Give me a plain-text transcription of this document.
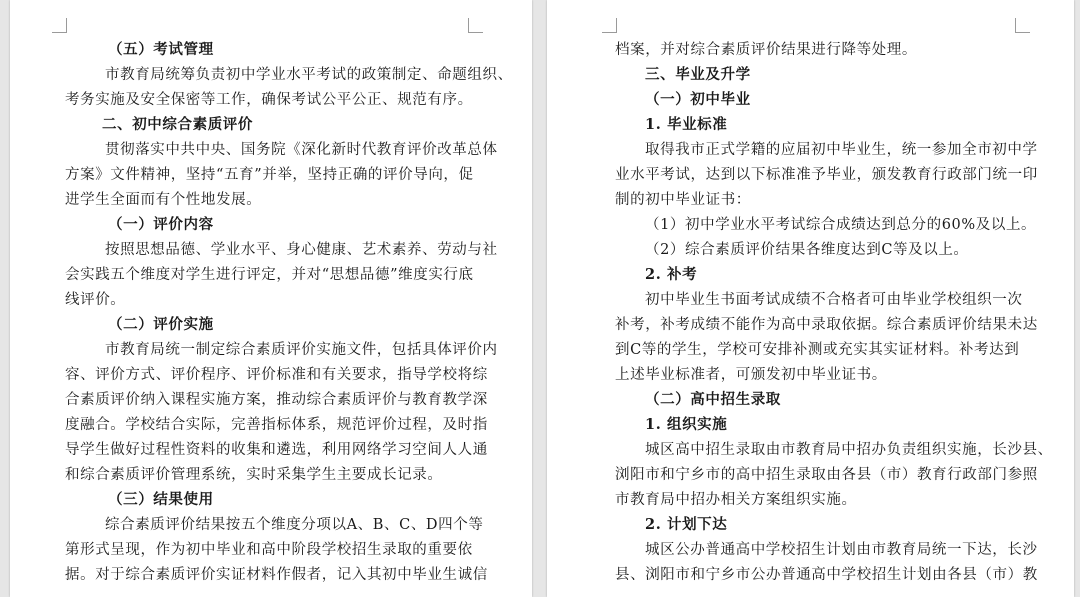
（五）考试管理
市教育局统筹负责初中学业水平考试的政策制定、命题组织、
考务实施及安全保密等工作，确保考试公平公正、规范有序。
二、初中综合素质评价
贯彻落实中共中央、国务院《深化新时代教育评价改革总体
方案》文件精神，坚持“五育”并举，坚持正确的评价导向，促
进学生全面而有个性地发展。
（一）评价内容
按照思想品德、学业水平、身心健康、艺术素养、劳动与社
会实践五个维度对学生进行评定，并对“思想品德”维度实行底
线评价。
（二）评价实施
市教育局统一制定综合素质评价实施文件，包括具体评价内
容、评价方式、评价程序、评价标准和有关要求，指导学校将综
合素质评价纳入课程实施方案，推动综合素质评价与教育教学深
度融合。学校结合实际，完善指标体系，规范评价过程，及时指
导学生做好过程性资料的收集和遴选，利用网络学习空间人人通
和综合素质评价管理系统，实时采集学生主要成长记录。
（三）结果使用
综合素质评价结果按五个维度分项以A、B、C、D四个等
第形式呈现，作为初中毕业和高中阶段学校招生录取的重要依
据。对于综合素质评价实证材料作假者，记入其初中毕业生诚信
档案，并对综合素质评价结果进行降等处理。
三、毕业及升学
（一）初中毕业
1. 毕业标准
取得我市正式学籍的应届初中毕业生，统一参加全市初中学
业水平考试，达到以下标准准予毕业，颁发教育行政部门统一印
制的初中毕业证书：
（1）初中学业水平考试综合成绩达到总分的60%及以上。
（2）综合素质评价结果各维度达到C等及以上。
2. 补考
初中毕业生书面考试成绩不合格者可由毕业学校组织一次
补考，补考成绩不能作为高中录取依据。综合素质评价结果未达
到C等的学生，学校可安排补测或充实其实证材料。补考达到
上述毕业标准者，可颁发初中毕业证书。
（二）高中招生录取
1. 组织实施
城区高中招生录取由市教育局中招办负责组织实施，长沙县、
浏阳市和宁乡市的高中招生录取由各县（市）教育行政部门参照
市教育局中招办相关方案组织实施。
2. 计划下达
城区公办普通高中学校招生计划由市教育局统一下达，长沙
县、浏阳市和宁乡市公办普通高中学校招生计划由各县（市）教
